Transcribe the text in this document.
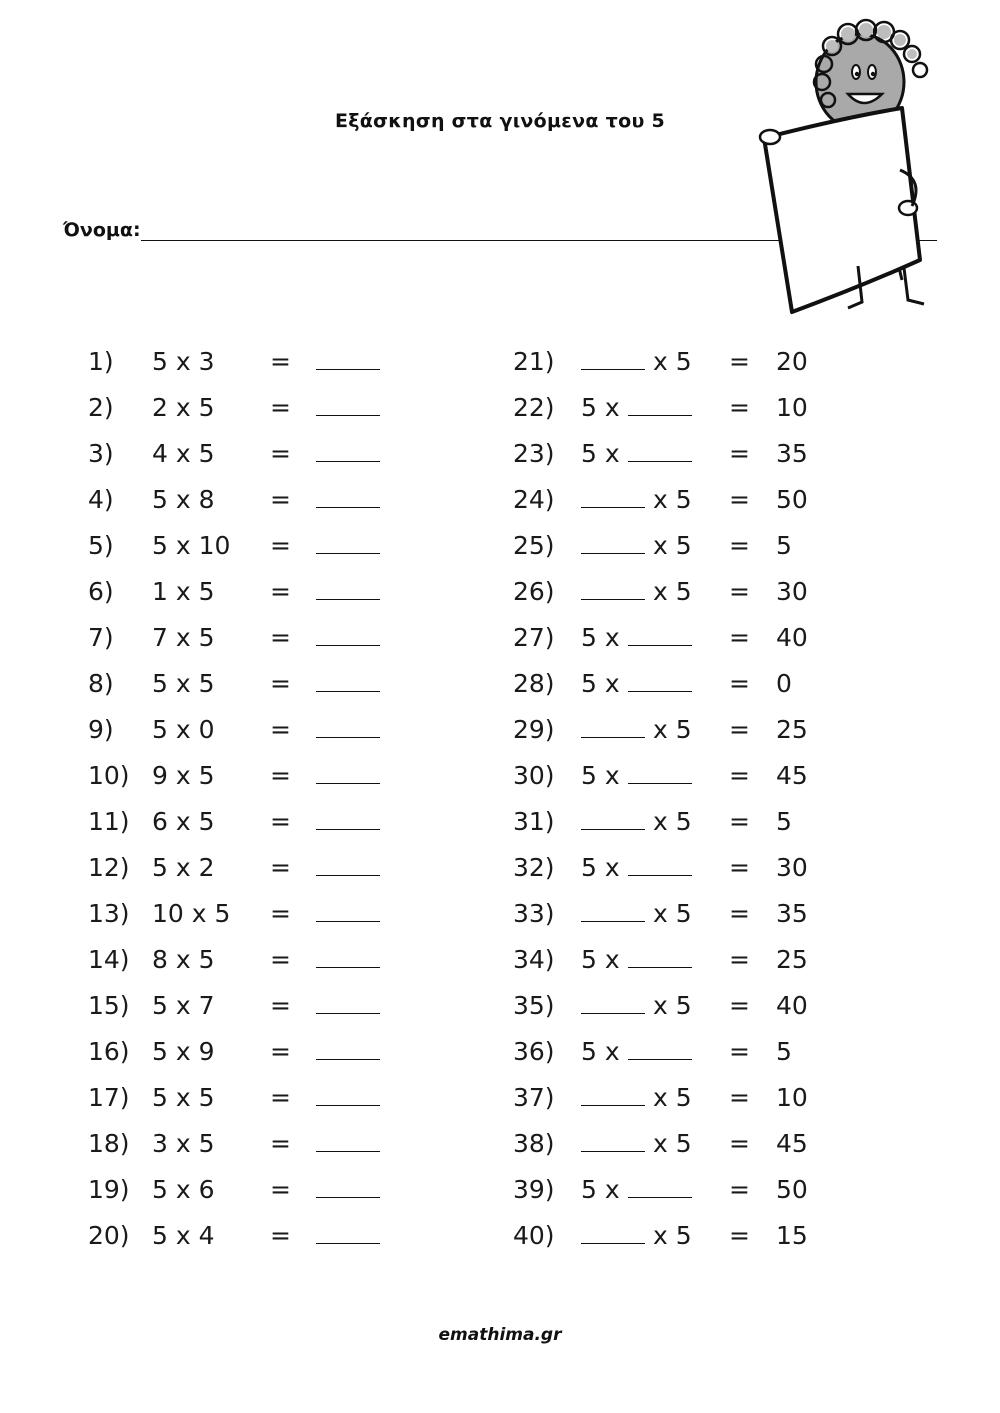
Εξάσκηση στα γινόμενα του 5
Όνομα:
1) 5 x 3 =
2) 2 x 5 =
3) 4 x 5 =
4) 5 x 8 =
5) 5 x 10 =
6) 1 x 5 =
7) 7 x 5 =
8) 5 x 5 =
9) 5 x 0 =
10) 9 x 5 =
11) 6 x 5 =
12) 5 x 2 =
13) 10 x 5 =
14) 8 x 5 =
15) 5 x 7 =
16) 5 x 9 =
17) 5 x 5 =
18) 3 x 5 =
19) 5 x 6 =
20) 5 x 4 =
21)	x 5 = 20
22) 5 x	= 10
23) 5 x	= 35
24)	x 5 = 50
25)	x 5 = 5
26)	x 5 = 30
27) 5 x	= 40
28) 5 x	= 0
29)	x 5 = 25
30) 5 x	= 45
31)	x 5 = 5
32) 5 x	= 30
33)	x 5 = 35
34) 5 x	= 25
35)	x 5 = 40
36) 5 x	= 5
37)	x 5 = 10
38)	x 5 = 45
39) 5 x	= 50
40)	x 5 = 15
emathima.gr
